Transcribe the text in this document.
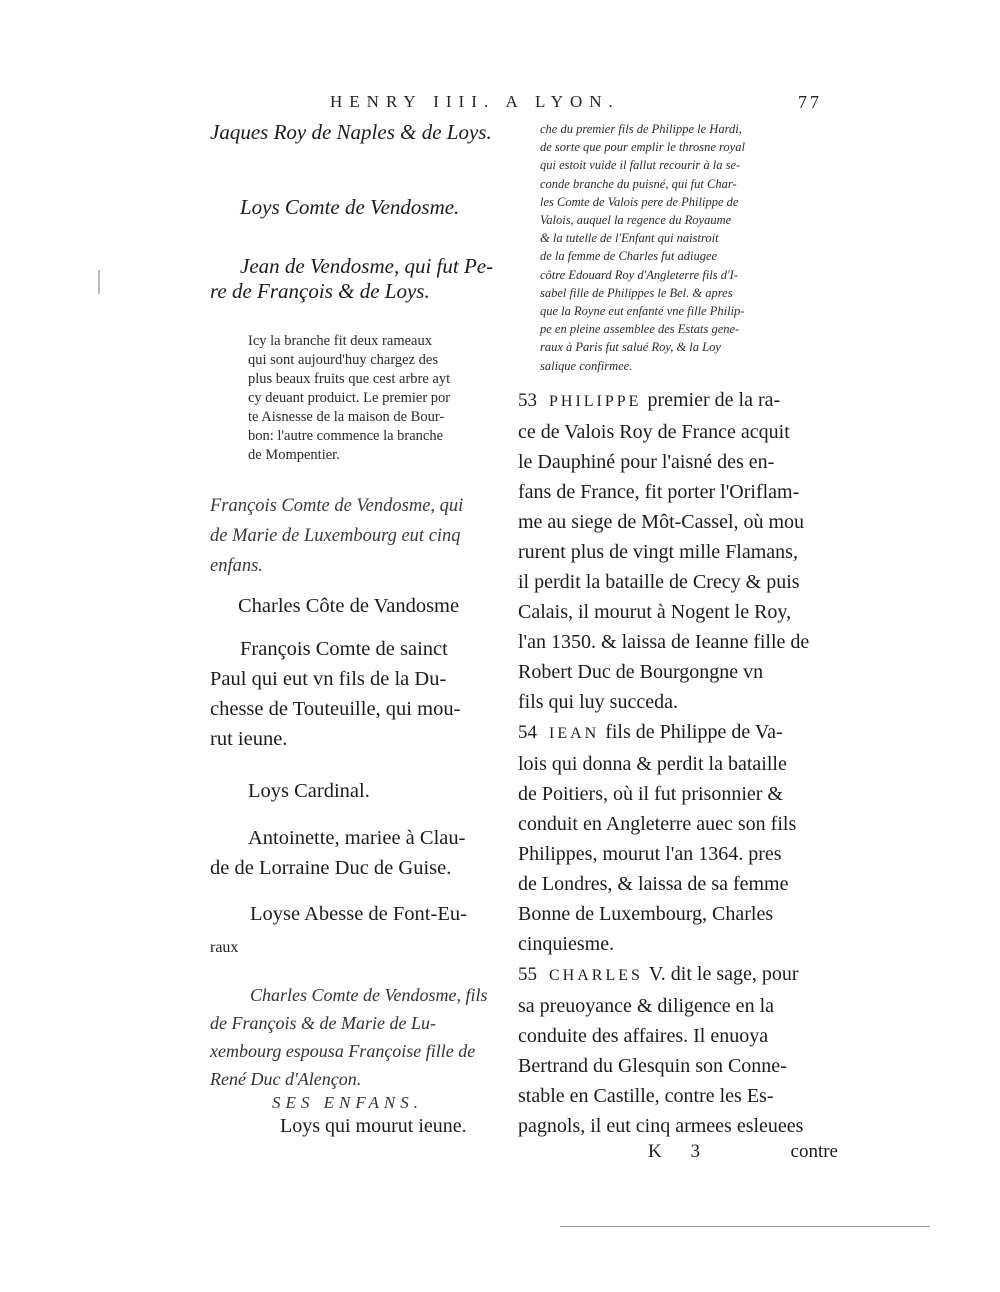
HENRY IIII. A LYON.	77
Jaques Roy de Naples & de Loys.
Loys Comte de Vendosme.
Jean de Vendosme, qui fut Pe-
re de François & de Loys.
Icy la branche fit deux rameaux
qui sont aujourd'huy chargez des
plus beaux fruits que cest arbre ayt
cy deuant produict. Le premier por
te Aisnesse de la maison de Bour-
bon: l'autre commence la branche
de Mompentier.
François Comte de Vendosme, qui
de Marie de Luxembourg eut cinq
enfans.
Charles Côte de Vandosme
François Comte de sainct
Paul qui eut vn fils de la Du-
chesse de Touteuille, qui mou-
rut ieune.
Loys Cardinal.
Antoinette, mariee à Clau-
de de Lorraine Duc de Guise.
Loyse Abesse de Font-Eu-
raux
Charles Comte de Vendosme, fils
de François & de Marie de Lu-
xembourg espousa Françoise fille de
René Duc d'Alençon.
SES ENFANS.
Loys qui mourut ieune.
che du premier fils de Philippe le Hardi,
de sorte que pour emplir le throsne royal
qui estoit vuide il fallut recourir à la se-
conde branche du puisné, qui fut Char-
les Comte de Valois pere de Philippe de
Valois, auquel la regence du Royaume
& la tutelle de l'Enfant qui naistroit
de la femme de Charles fut adiugee
côtre Edouard Roy d'Angleterre fils d'I-
sabel fille de Philippes le Bel. & apres
que la Royne eut enfanté vne fille Philip-
pe en pleine assemblee des Estats gene-
raux à Paris fut salué Roy, & la Loy
salique confirmee.
53 PHILIPPE premier de la ra-
ce de Valois Roy de France acquit
le Dauphiné pour l'aisné des en-
fans de France, fit porter l'Oriflam-
me au siege de Môt-Cassel, où mou
rurent plus de vingt mille Flamans,
il perdit la bataille de Crecy & puis
Calais, il mourut à Nogent le Roy,
l'an 1350. & laissa de Ieanne fille de
Robert Duc de Bourgongne vn
fils qui luy succeda.
54 IEAN fils de Philippe de Va-
lois qui donna & perdit la bataille
de Poitiers, où il fut prisonnier &
conduit en Angleterre auec son fils
Philippes, mourut l'an 1364. pres
de Londres, & laissa de sa femme
Bonne de Luxembourg, Charles
cinquiesme.
55 CHARLES V. dit le sage, pour
sa preuoyance & diligence en la
conduite des affaires. Il enuoya
Bertrand du Glesquin son Conne-
stable en Castille, contre les Es-
pagnols, il eut cinq armees esleuees
K 3	contre
